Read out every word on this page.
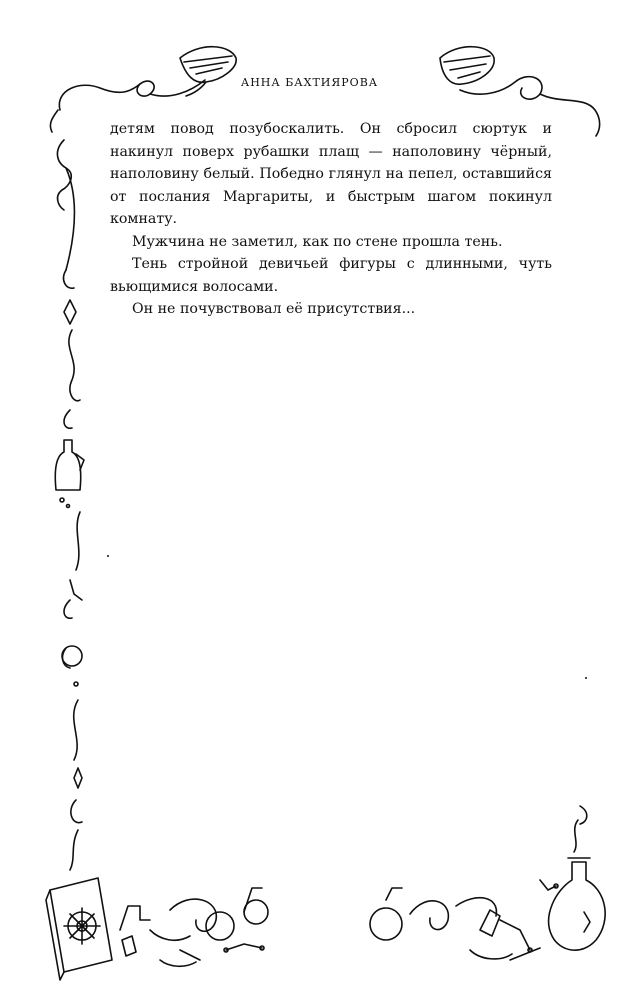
АННА БАХТИЯРОВА

детям повод позубоскалить. Он сбросил сюртук и накинул поверх рубашки плащ — наполовину чёрный, наполовину белый. Победно глянул на пепел, оставшийся от послания Маргариты, и быстрым шагом покинул комнату.

Мужчина не заметил, как по стене прошла тень.

Тень стройной девичьей фигуры с длинными, чуть вьющимися волосами.

Он не почувствовал её присутствия...
